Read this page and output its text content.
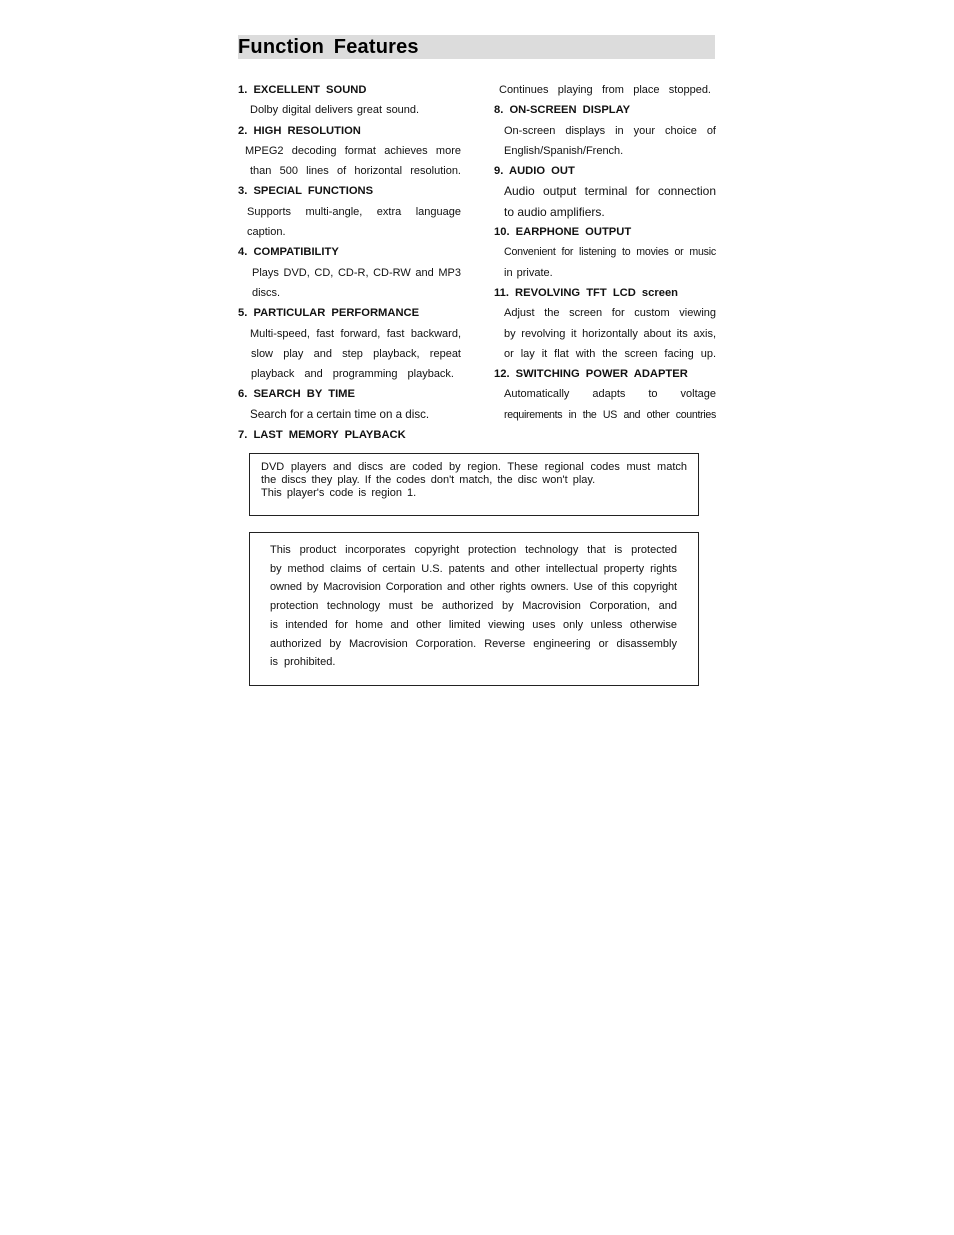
Function Features
1. EXCELLENT SOUND
Dolby digital delivers great sound.
2. HIGH RESOLUTION
MPEG2 decoding format achieves more
than 500 lines of horizontal resolution.
3. SPECIAL FUNCTIONS
Supports multi-angle, extra language
caption.
4. COMPATIBILITY
Plays DVD, CD, CD-R, CD-RW and MP3
discs.
5. PARTICULAR PERFORMANCE
Multi-speed, fast forward, fast backward,
slow play and step playback, repeat
playback and programming playback.
6. SEARCH BY TIME
Search for a certain time on a disc.
7. LAST MEMORY PLAYBACK
Continues playing from place stopped.
8. ON-SCREEN DISPLAY
On-screen displays in your choice of
English/Spanish/French.
9. AUDIO OUT
Audio output terminal for connection
to audio amplifiers.
10. EARPHONE OUTPUT
Convenient for listening to movies or music
in private.
11. REVOLVING TFT LCD screen
Adjust the screen for custom viewing
by revolving it horizontally about its axis,
or lay it flat with the screen facing up.
12. SWITCHING POWER ADAPTER
Automatically adapts to voltage
requirements in the US and other countries
DVD players and discs are coded by region. These regional codes must match
the discs they play. If the codes don't match, the disc won't play.
This player's code is region 1.
This product incorporates copyright protection technology that is protected
by method claims of certain U.S. patents and other intellectual property rights
owned by Macrovision Corporation and other rights owners. Use of this copyright
protection technology must be authorized by Macrovision Corporation, and
is intended for home and other limited viewing uses only unless otherwise
authorized by Macrovision Corporation. Reverse engineering or disassembly
is prohibited.
